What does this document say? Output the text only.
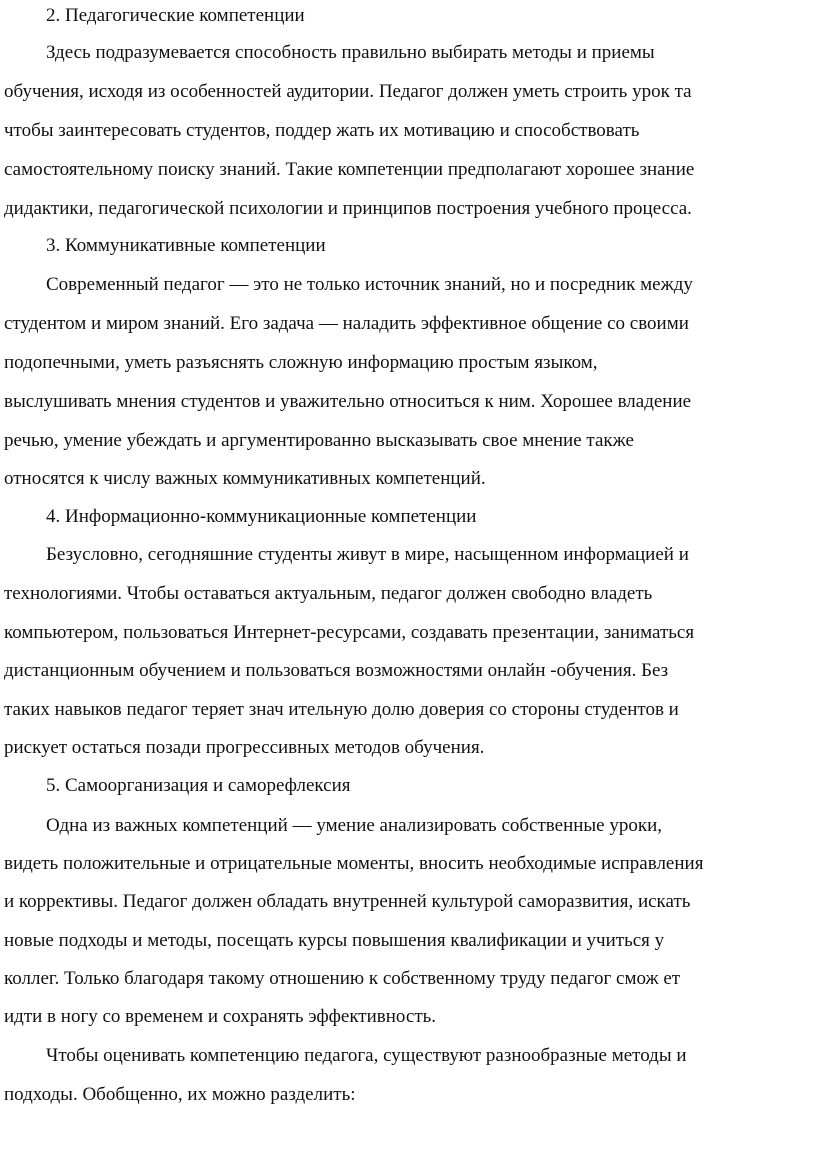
2. Педагогические компетенции

Здесь подразумевается способность правильно выбирать методы и приемы

обучения, исходя из особенностей аудитории. Педагог должен уметь строить урок та

чтобы заинтересовать студентов, поддер жать их мотивацию и способствовать

самостоятельному поиску знаний. Такие компетенции предполагают хорошее знание

дидактики, педагогической психологии и принципов построения учебного процесса.

3. Коммуникативные компетенции

Современный педагог — это не только источник знаний, но и посредник между

студентом и миром знаний. Его задача — наладить эффективное общение со своими

подопечными, уметь разъяснять сложную информацию простым языком,

выслушивать мнения студентов и уважительно относиться к ним. Хорошее владение

речью, умение убеждать и аргументированно высказывать свое мнение также

относятся к числу важных коммуникативных компетенций.

4. Информационно-коммуникационные компетенции

Безусловно, сегодняшние студенты живут в мире, насыщенном информацией и

технологиями. Чтобы оставаться актуальным, педагог должен свободно владеть

компьютером, пользоваться Интернет-ресурсами, создавать презентации, заниматься

дистанционным обучением и пользоваться возможностями онлайн -обучения. Без

таких навыков педагог теряет знач ительную долю доверия со стороны студентов и

рискует остаться позади прогрессивных методов обучения.

5. Самоорганизация и саморефлексия

Одна из важных компетенций — умение анализировать собственные уроки,

видеть положительные и отрицательные моменты, вносить необходимые исправления

и коррективы. Педагог должен обладать внутренней культурой саморазвития, искать

новые подходы и методы, посещать курсы повышения квалификации и учиться у

коллег. Только благодаря такому отношению к собственному труду педагог смож ет

идти в ногу со временем и сохранять эффективность.

Чтобы оценивать компетенцию педагога, существуют разнообразные методы и

подходы. Обобщенно, их можно разделить:
